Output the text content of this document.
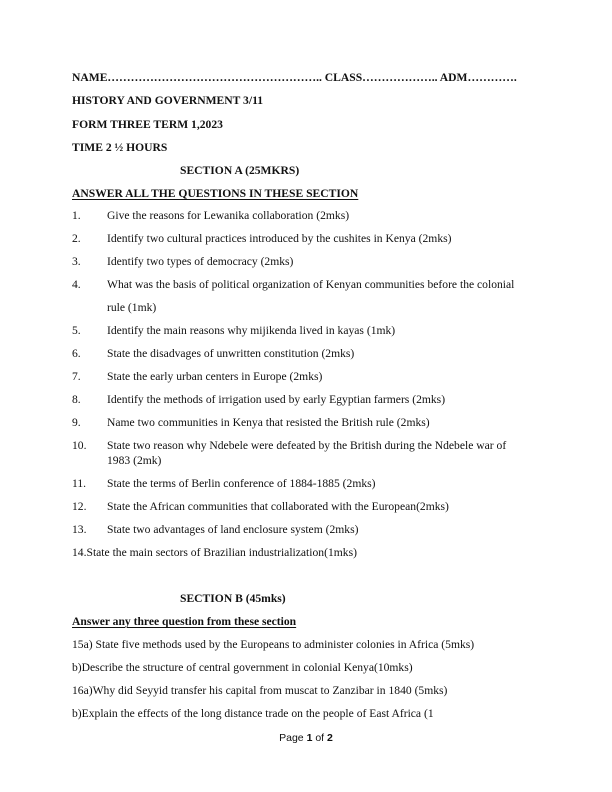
NAME……………………………………………….. CLASS……………….. ADM………….
HISTORY AND GOVERNMENT 3/11
FORM THREE TERM 1,2023
TIME 2 ½ HOURS
SECTION A (25MKRS)
ANSWER ALL THE QUESTIONS IN THESE SECTION
1. Give the reasons for Lewanika collaboration (2mks)
2. Identify two cultural practices introduced by the cushites in Kenya (2mks)
3. Identify two types of democracy (2mks)
4. What was the basis of political organization of Kenyan communities before the colonial
rule (1mk)
5. Identify the main reasons why mijikenda lived in kayas (1mk)
6. State the disadvages of unwritten constitution (2mks)
7. State the early urban centers in Europe (2mks)
8. Identify the methods of irrigation used by early Egyptian farmers (2mks)
9. Name two communities in Kenya that resisted the British rule (2mks)
10. State two reason why Ndebele were defeated by the British during the Ndebele war of
1983 (2mk)
11. State the terms of Berlin conference of 1884-1885 (2mks)
12. State the African communities that collaborated with the European(2mks)
13. State two advantages of land enclosure system (2mks)
14.State the main sectors of Brazilian industrialization(1mks)
SECTION B (45mks)
Answer any three question from these section
15a) State five methods used by the Europeans to administer colonies in Africa (5mks)
b)Describe the structure of central government in colonial Kenya(10mks)
16a)Why did Seyyid transfer his capital from muscat to Zanzibar in 1840 (5mks)
b)Explain the effects of the long distance trade on the people of East Africa (1
Page 1 of 2
